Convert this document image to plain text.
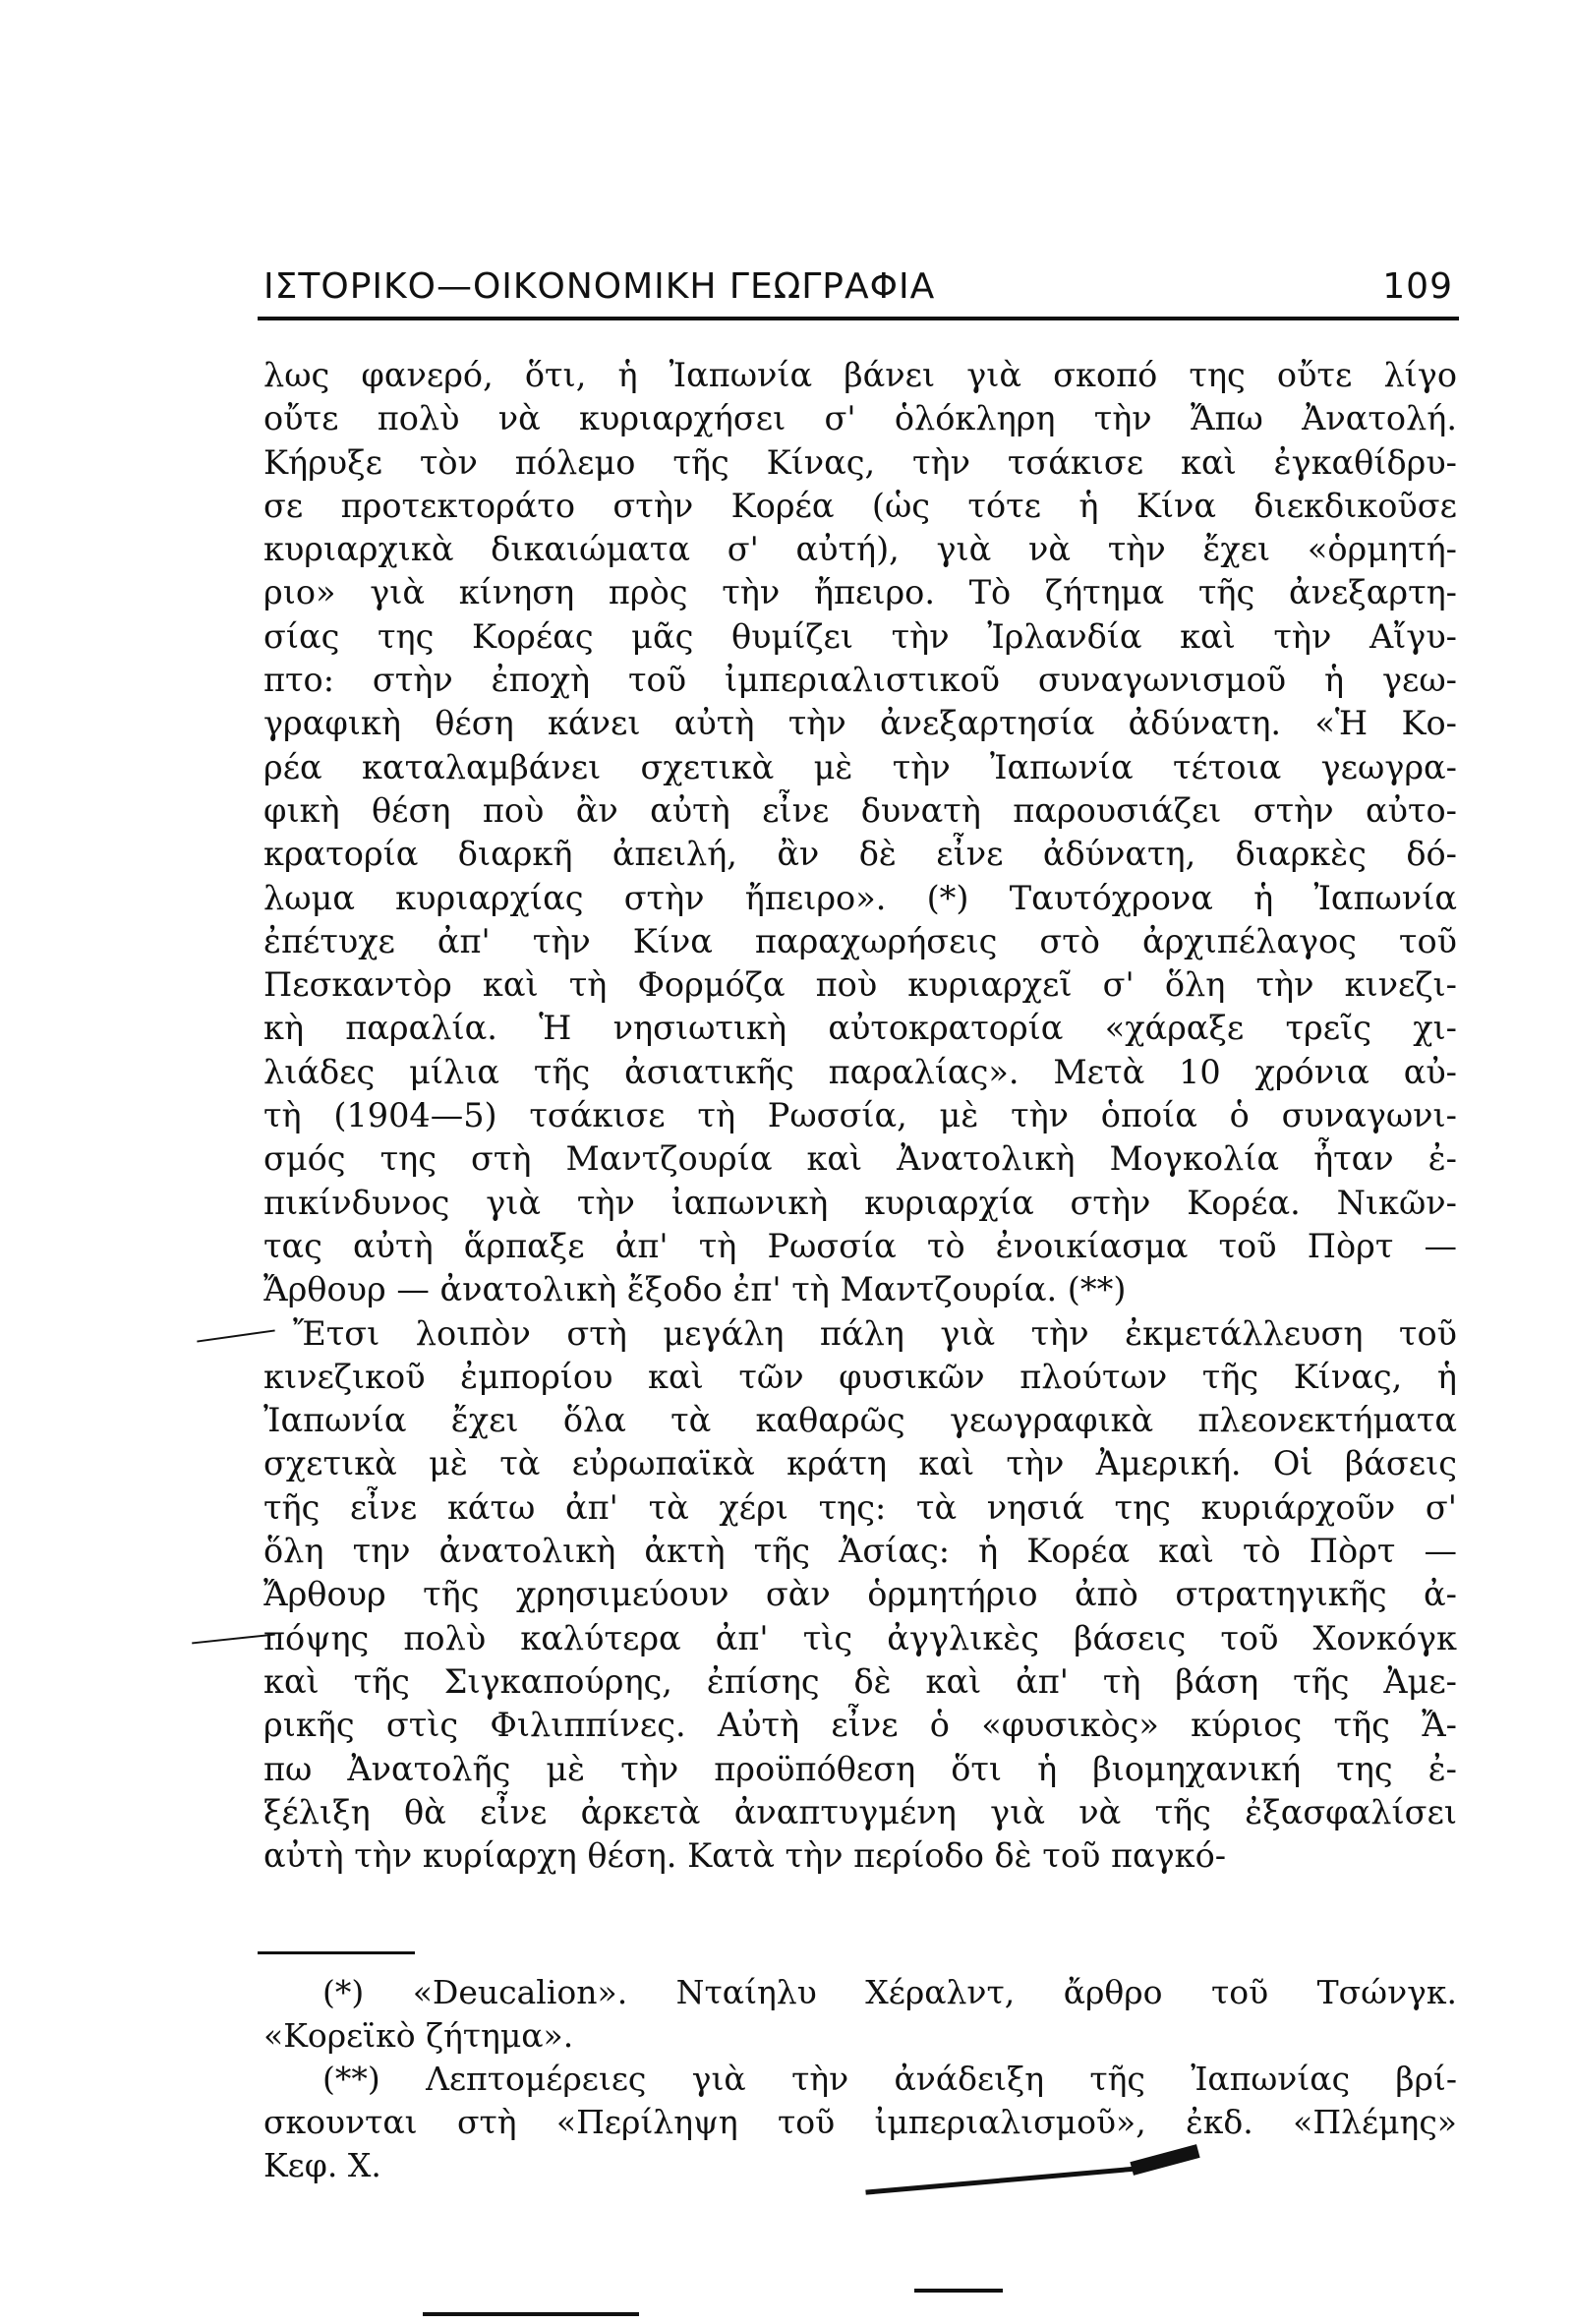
ΙΣΤΟΡΙΚΟ—ΟΙΚΟΝΟΜΙΚΗ ΓΕΩΓΡΑΦΙΑ	109
λως φανερό, ὅτι, ἡ Ἰαπωνία βάνει γιὰ σκοπό της οὔτε λίγο
οὔτε πολὺ νὰ κυριαρχήσει σ' ὁλόκληρη τὴν Ἄπω Ἀνατολή.
Κήρυξε τὸν πόλεμο τῆς Κίνας, τὴν τσάκισε καὶ ἐγκαθίδρυ-
σε προτεκτοράτο στὴν Κορέα (ὡς τότε ἡ Κίνα διεκδικοῦσε
κυριαρχικὰ δικαιώματα σ' αὐτή), γιὰ νὰ τὴν ἔχει «ὁρμητή-
ριο» γιὰ κίνηση πρὸς τὴν ἤπειρο. Τὸ ζήτημα τῆς ἀνεξαρτη-
σίας της Κορέας μᾶς θυμίζει τὴν Ἰρλανδία καὶ τὴν Αἴγυ-
πτο: στὴν ἐποχὴ τοῦ ἰμπεριαλιστικοῦ συναγωνισμοῦ ἡ γεω-
γραφικὴ θέση κάνει αὐτὴ τὴν ἀνεξαρτησία ἀδύνατη. «Ἡ Κο-
ρέα καταλαμβάνει σχετικὰ μὲ τὴν Ἰαπωνία τέτοια γεωγρα-
φικὴ θέση ποὺ ἂν αὐτὴ εἶνε δυνατὴ παρουσιάζει στὴν αὐτο-
κρατορία διαρκῆ ἀπειλή, ἂν δὲ εἶνε ἀδύνατη, διαρκὲς δό-
λωμα κυριαρχίας στὴν ἤπειρο». (*) Ταυτόχρονα ἡ Ἰαπωνία
ἐπέτυχε ἀπ' τὴν Κίνα παραχωρήσεις στὸ ἀρχιπέλαγος τοῦ
Πεσκαντὸρ καὶ τὴ Φορμόζα ποὺ κυριαρχεῖ σ' ὅλη τὴν κινεζι-
κὴ παραλία. Ἡ νησιωτικὴ αὐτοκρατορία «χάραξε τρεῖς χι-
λιάδες μίλια τῆς ἀσιατικῆς παραλίας». Μετὰ 10 χρόνια αὐ-
τὴ (1904—5) τσάκισε τὴ Ρωσσία, μὲ τὴν ὁποία ὁ συναγωνι-
σμός της στὴ Μαντζουρία καὶ Ἀνατολικὴ Μογκολία ἦταν ἐ-
πικίνδυνος γιὰ τὴν ἰαπωνικὴ κυριαρχία στὴν Κορέα. Νικῶν-
τας αὐτὴ ἅρπαξε ἀπ' τὴ Ρωσσία τὸ ἐνοικίασμα τοῦ Πὸρτ —
Ἄρθουρ — ἀνατολικὴ ἔξοδο ἐπ' τὴ Μαντζουρία. (**)
Ἔτσι λοιπὸν στὴ μεγάλη πάλη γιὰ τὴν ἐκμετάλλευση τοῦ
κινεζικοῦ ἐμπορίου καὶ τῶν φυσικῶν πλούτων τῆς Κίνας, ἡ
Ἰαπωνία ἔχει ὅλα τὰ καθαρῶς γεωγραφικὰ πλεονεκτήματα
σχετικὰ μὲ τὰ εὐρωπαϊκὰ κράτη καὶ τὴν Ἀμερική. Οἱ βάσεις
τῆς εἶνε κάτω ἀπ' τὰ χέρι της: τὰ νησιά της κυριάρχοῦν σ'
ὅλη την ἀνατολικὴ ἀκτὴ τῆς Ἀσίας: ἡ Κορέα καὶ τὸ Πὸρτ —
Ἄρθουρ τῆς χρησιμεύουν σὰν ὁρμητήριο ἀπὸ στρατηγικῆς ἀ-
πόψης πολὺ καλύτερα ἀπ' τὶς ἀγγλικὲς βάσεις τοῦ Χονκόγκ
καὶ τῆς Σιγκαπούρης, ἐπίσης δὲ καὶ ἀπ' τὴ βάση τῆς Ἀμε-
ρικῆς στὶς Φιλιππίνες. Αὐτὴ εἶνε ὁ «φυσικὸς» κύριος τῆς Ἄ-
πω Ἀνατολῆς μὲ τὴν προϋπόθεση ὅτι ἡ βιομηχανική της ἐ-
ξέλιξη θὰ εἶνε ἀρκετὰ ἀναπτυγμένη γιὰ νὰ τῆς ἐξασφαλίσει
αὐτὴ τὴν κυρίαρχη θέση. Κατὰ τὴν περίοδο δὲ τοῦ παγκό-
(*) «Deucalion». Νταίηλυ Χέραλντ, ἄρθρο τοῦ Τσώνγκ.
«Κορεϊκὸ ζήτημα».
(**) Λεπτομέρειες γιὰ τὴν ἀνάδειξη τῆς Ἰαπωνίας βρί-
σκουνται στὴ «Περίληψη τοῦ ἰμπεριαλισμοῦ», ἐκδ. «Πλέμης»
Κεφ. Χ.
